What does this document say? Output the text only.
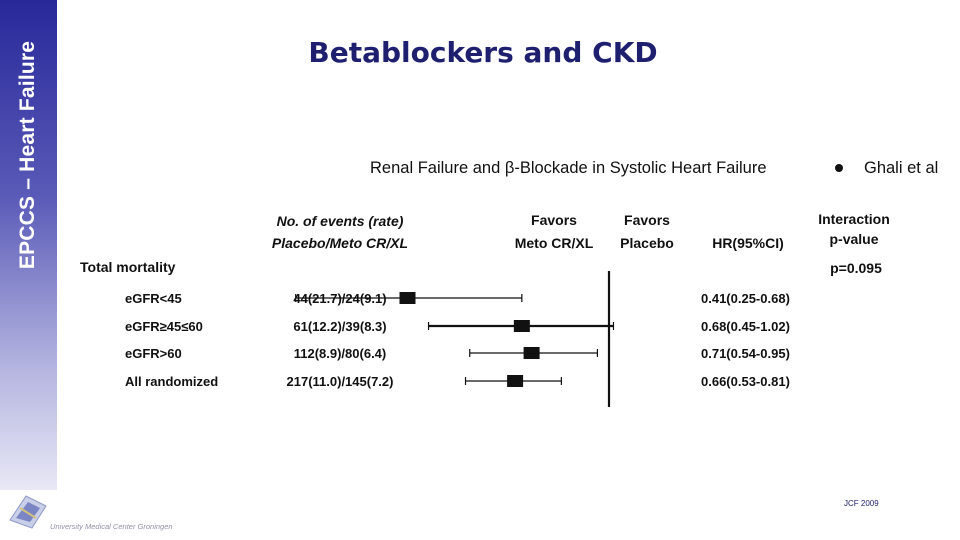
EPCCS – Heart Failure	Betablockers and CKD
Renal Failure and β-Blockade in Systolic Heart Failure	Ghali et al
No. of events (rate)
Placebo/Meto CR/XL
Favors
Meto CR/XL
Favors
Placebo	HR(95%CI)
Interaction
p-value
Total mortality	p=0.095
eGFR<45	44(21.7)/24(9.1)	0.41(0.25-0.68)
eGFR≥45≤60	61(12.2)/39(8.3)	0.68(0.45-1.02)
eGFR>60	112(8.9)/80(6.4)	0.71(0.54-0.95)
All randomized	217(11.0)/145(7.2)	0.66(0.53-0.81)
JCF 2009
University Medical Center Groningen
